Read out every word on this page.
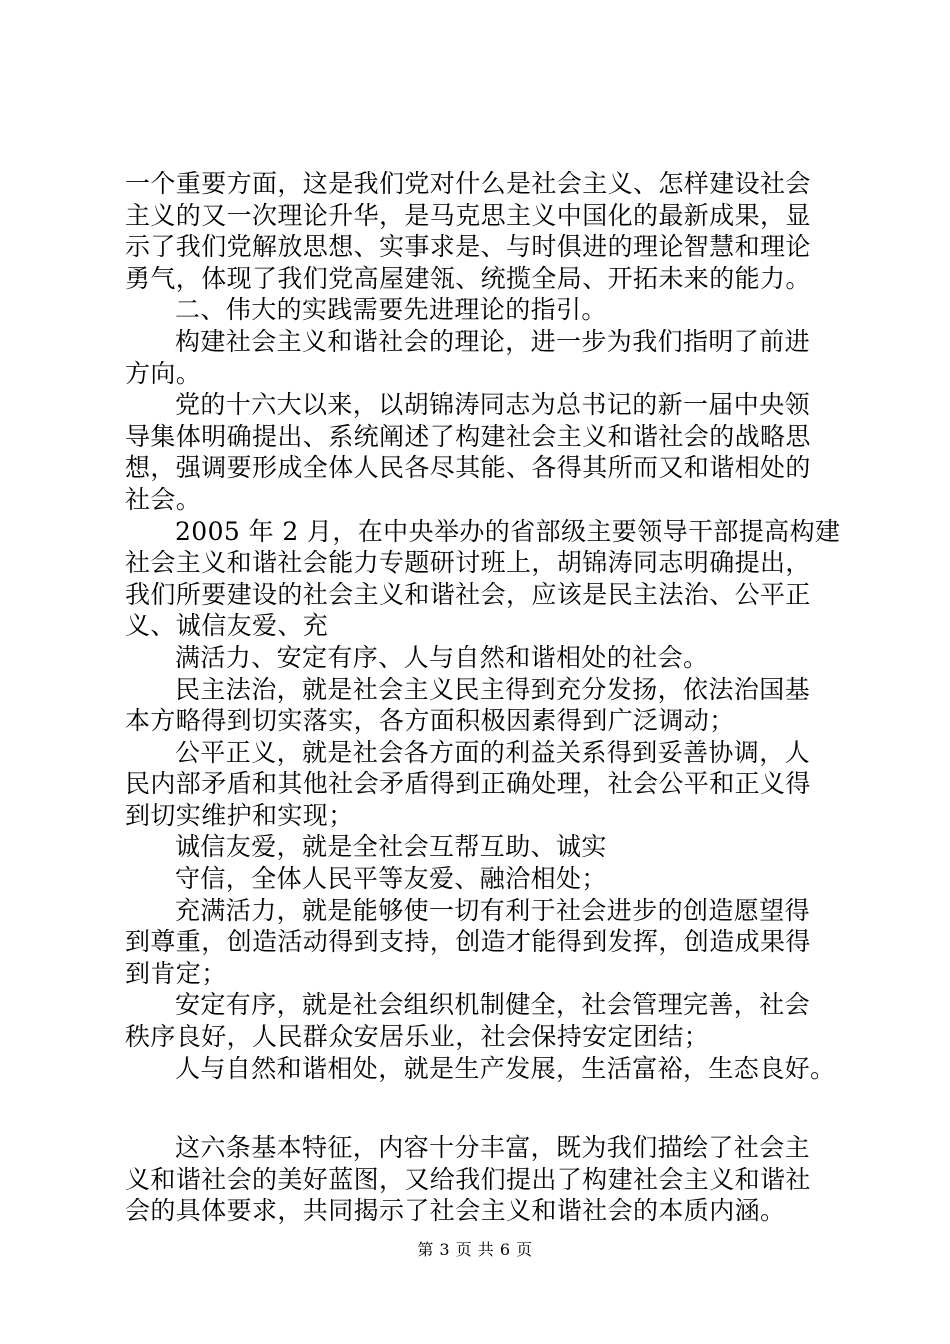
一个重要方面，这是我们党对什么是社会主义、怎样建设社会
主义的又一次理论升华，是马克思主义中国化的最新成果，显
示了我们党解放思想、实事求是、与时俱进的理论智慧和理论
勇气，体现了我们党高屋建瓴、统揽全局、开拓未来的能力。
二、伟大的实践需要先进理论的指引。
构建社会主义和谐社会的理论，进一步为我们指明了前进
方向。
党的十六大以来，以胡锦涛同志为总书记的新一届中央领
导集体明确提出、系统阐述了构建社会主义和谐社会的战略思
想，强调要形成全体人民各尽其能、各得其所而又和谐相处的
社会。
2005 年 2 月，在中央举办的省部级主要领导干部提高构建
社会主义和谐社会能力专题研讨班上，胡锦涛同志明确提出，
我们所要建设的社会主义和谐社会，应该是民主法治、公平正
义、诚信友爱、充
满活力、安定有序、人与自然和谐相处的社会。
民主法治，就是社会主义民主得到充分发扬，依法治国基
本方略得到切实落实，各方面积极因素得到广泛调动；
公平正义，就是社会各方面的利益关系得到妥善协调，人
民内部矛盾和其他社会矛盾得到正确处理，社会公平和正义得
到切实维护和实现；
诚信友爱，就是全社会互帮互助、诚实
守信，全体人民平等友爱、融洽相处；
充满活力，就是能够使一切有利于社会进步的创造愿望得
到尊重，创造活动得到支持，创造才能得到发挥，创造成果得
到肯定；
安定有序，就是社会组织机制健全，社会管理完善，社会
秩序良好，人民群众安居乐业，社会保持安定团结；
人与自然和谐相处，就是生产发展，生活富裕，生态良好。
这六条基本特征，内容十分丰富，既为我们描绘了社会主
义和谐社会的美好蓝图，又给我们提出了构建社会主义和谐社
会的具体要求，共同揭示了社会主义和谐社会的本质内涵。
第 3 页 共 6 页
